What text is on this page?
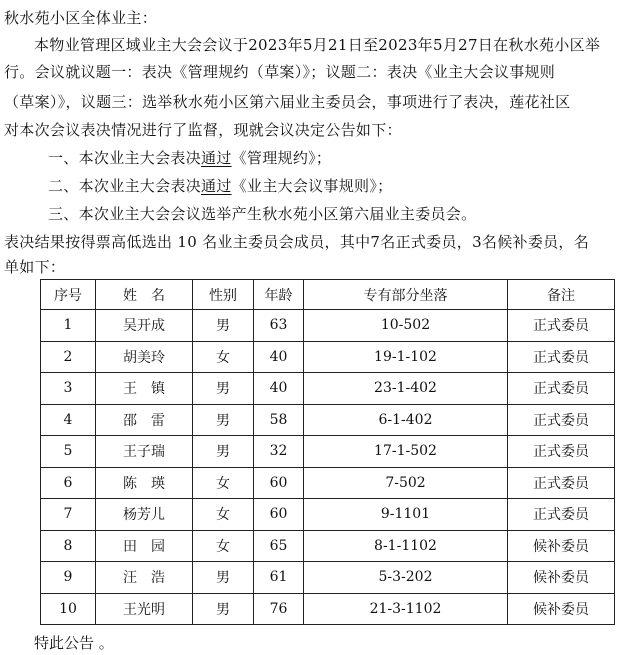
秋水苑小区全体业主：
本物业管理区域业主大会会议于2023年5月21日至2023年5月27日在秋水苑小区举
行。会议就议题一：表决《管理规约（草案）》；议题二：表决《业主大会议事规则
（草案）》，议题三：选举秋水苑小区第六届业主委员会，事项进行了表决，莲花社区
对本次会议表决情况进行了监督，现就会议决定公告如下：
一、本次业主大会表决通过《管理规约》；
二、本次业主大会表决通过《业主大会议事规则》；
三、本次业主大会会议选举产生秋水苑小区第六届业主委员会。
表决结果按得票高低选出 10 名业主委员会成员，其中7名正式委员，3名候补委员，名
单如下：
序号	姓　名	性别	年龄	专有部分坐落	备注
1	吴开成	男	63	10-502	正式委员
2	胡美玲	女	40	19-1-102	正式委员
3	王　镇	男	40	23-1-402	正式委员
4	邵　雷	男	58	6-1-402	正式委员
5	王子瑞	男	32	17-1-502	正式委员
6	陈　瑛	女	60	7-502	正式委员
7	杨芳儿	女	60	9-1101	正式委员
8	田　园	女	65	8-1-1102	候补委员
9	汪　浩	男	61	5-3-202	候补委员
10	王光明	男	76	21-3-1102	候补委员
特此公告 。
